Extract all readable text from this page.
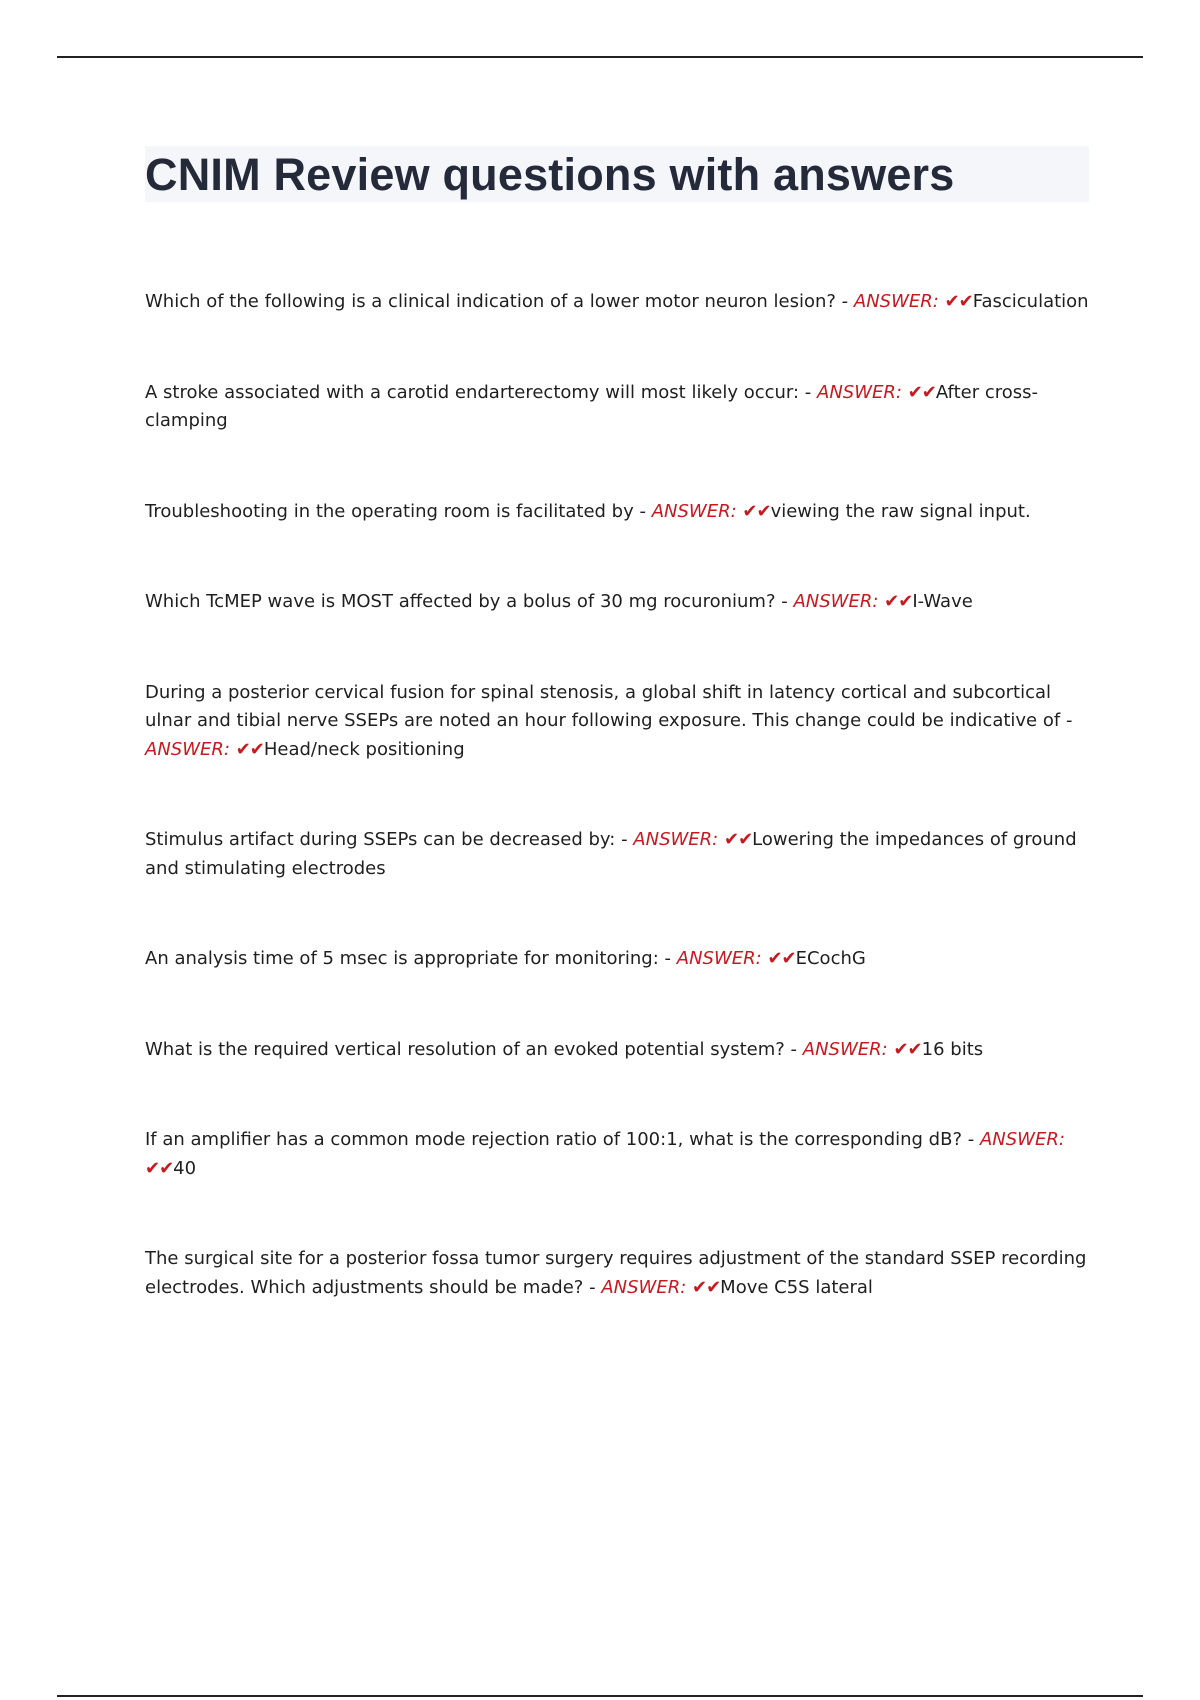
CNIM Review questions with answers
Which of the following is a clinical indication of a lower motor neuron lesion? - ANSWER: ✔✔Fasciculation
A stroke associated with a carotid endarterectomy will most likely occur: - ANSWER: ✔✔After cross-clamping
Troubleshooting in the operating room is facilitated by - ANSWER: ✔✔viewing the raw signal input.
Which TcMEP wave is MOST affected by a bolus of 30 mg rocuronium? - ANSWER: ✔✔I-Wave
During a posterior cervical fusion for spinal stenosis, a global shift in latency cortical and subcortical ulnar and tibial nerve SSEPs are noted an hour following exposure. This change could be indicative of - ANSWER: ✔✔Head/neck positioning
Stimulus artifact during SSEPs can be decreased by: - ANSWER: ✔✔Lowering the impedances of ground and stimulating electrodes
An analysis time of 5 msec is appropriate for monitoring: - ANSWER: ✔✔ECochG
What is the required vertical resolution of an evoked potential system? - ANSWER: ✔✔16 bits
If an amplifier has a common mode rejection ratio of 100:1, what is the corresponding dB? - ANSWER: ✔✔40
The surgical site for a posterior fossa tumor surgery requires adjustment of the standard SSEP recording electrodes. Which adjustments should be made? - ANSWER: ✔✔Move C5S lateral
